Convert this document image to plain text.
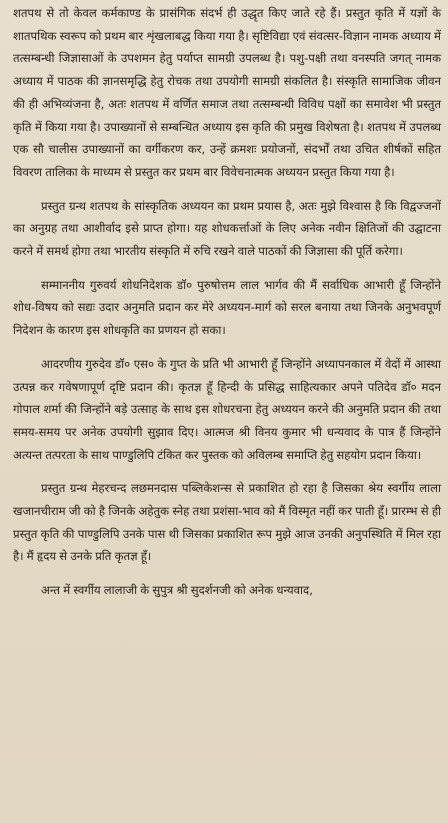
शतपथ से तो केवल कर्मकाण्ड के प्रासंगिक संदर्भ ही उद्धृत किए जाते रहे हैं। प्रस्तुत कृति में यज्ञों के शातपथिक स्वरूप को प्रथम बार शृंखलाबद्ध किया गया है। सृष्टिविद्या एवं संवत्सर-विज्ञान नामक अध्याय में तत्सम्बन्धी जिज्ञासाओं के उपशमन हेतु पर्याप्त सामग्री उपलब्ध है। पशु-पक्षी तथा वनस्पति जगत् नामक अध्याय में पाठक की ज्ञानसमृद्धि हेतु रोचक तथा उपयोगी सामग्री संकलित है। संस्कृति सामाजिक जीवन की ही अभिव्यंजना है, अतः शतपथ में वर्णित समाज तथा तत्सम्बन्धी विविध पक्षों का समावेश भी प्रस्तुत कृति में किया गया है। उपाख्यानों से सम्बन्धित अध्याय इस कृति की प्रमुख विशेषता है। शतपथ में उपलब्ध एक सौ चालीस उपाख्यानों का वर्गीकरण कर, उन्हें क्रमशः प्रयोजनों, संदर्भों तथा उचित शीर्षकों सहित विवरण तालिका के माध्यम से प्रस्तुत कर प्रथम बार विवेचनात्मक अध्ययन प्रस्तुत किया गया है।

प्रस्तुत ग्रन्थ शतपथ के सांस्कृतिक अध्ययन का प्रथम प्रयास है, अतः मुझे विश्वास है कि विद्वज्जनों का अनुग्रह तथा आशीर्वाद इसे प्राप्त होगा। यह शोधकर्त्ताओं के लिए अनेक नवीन क्षितिजों की उद्घाटना करने में समर्थ होगा तथा भारतीय संस्कृति में रुचि रखने वाले पाठकों की जिज्ञासा की पूर्ति करेगा।

सम्माननीय गुरुवर्य शोधनिदेशक डॉ० पुरुषोत्तम लाल भार्गव की मैं सर्वाधिक आभारी हूँ जिन्होंने शोध-विषय को सद्यः उदार अनुमति प्रदान कर मेरे अध्ययन-मार्ग को सरल बनाया तथा जिनके अनुभवपूर्ण निदेशन के कारण इस शोधकृति का प्रणयन हो सका।

आदरणीय गुरुदेव डॉ० एस० के गुप्त के प्रति भी आभारी हूँ जिन्होंने अध्यापनकाल में वेदों में आस्था उत्पन्न कर गवेषणापूर्ण दृष्टि प्रदान की। कृतज्ञ हूँ हिन्दी के प्रसिद्ध साहित्यकार अपने पतिदेव डॉ० मदन गोपाल शर्मा की जिन्होंने बड़े उत्साह के साथ इस शोधरचना हेतु अध्ययन करने की अनुमति प्रदान की तथा समय-समय पर अनेक उपयोगी सुझाव दिए। आत्मज श्री विनय कुमार भी धन्यवाद के पात्र हैं जिन्होंने अत्यन्त तत्परता के साथ पाण्डुलिपि टंकित कर पुस्तक को अविलम्ब समाप्ति हेतु सहयोग प्रदान किया।

प्रस्तुत ग्रन्थ मेहरचन्द लछमनदास पब्लिकेशन्स से प्रकाशित हो रहा है जिसका श्रेय स्वर्गीय लाला खजानचीराम जी को है जिनके अहेतुक स्नेह तथा प्रशंसा-भाव को मैं विस्मृत नहीं कर पाती हूँ। प्रारम्भ से ही प्रस्तुत कृति की पाण्डुलिपि उनके पास थी जिसका प्रकाशित रूप मुझे आज उनकी अनुपस्थिति में मिल रहा है। मैं हृदय से उनके प्रति कृतज्ञ हूँ।

अन्त में स्वर्गीय लालाजी के सुपुत्र श्री सुदर्शनजी को अनेक धन्यवाद,
